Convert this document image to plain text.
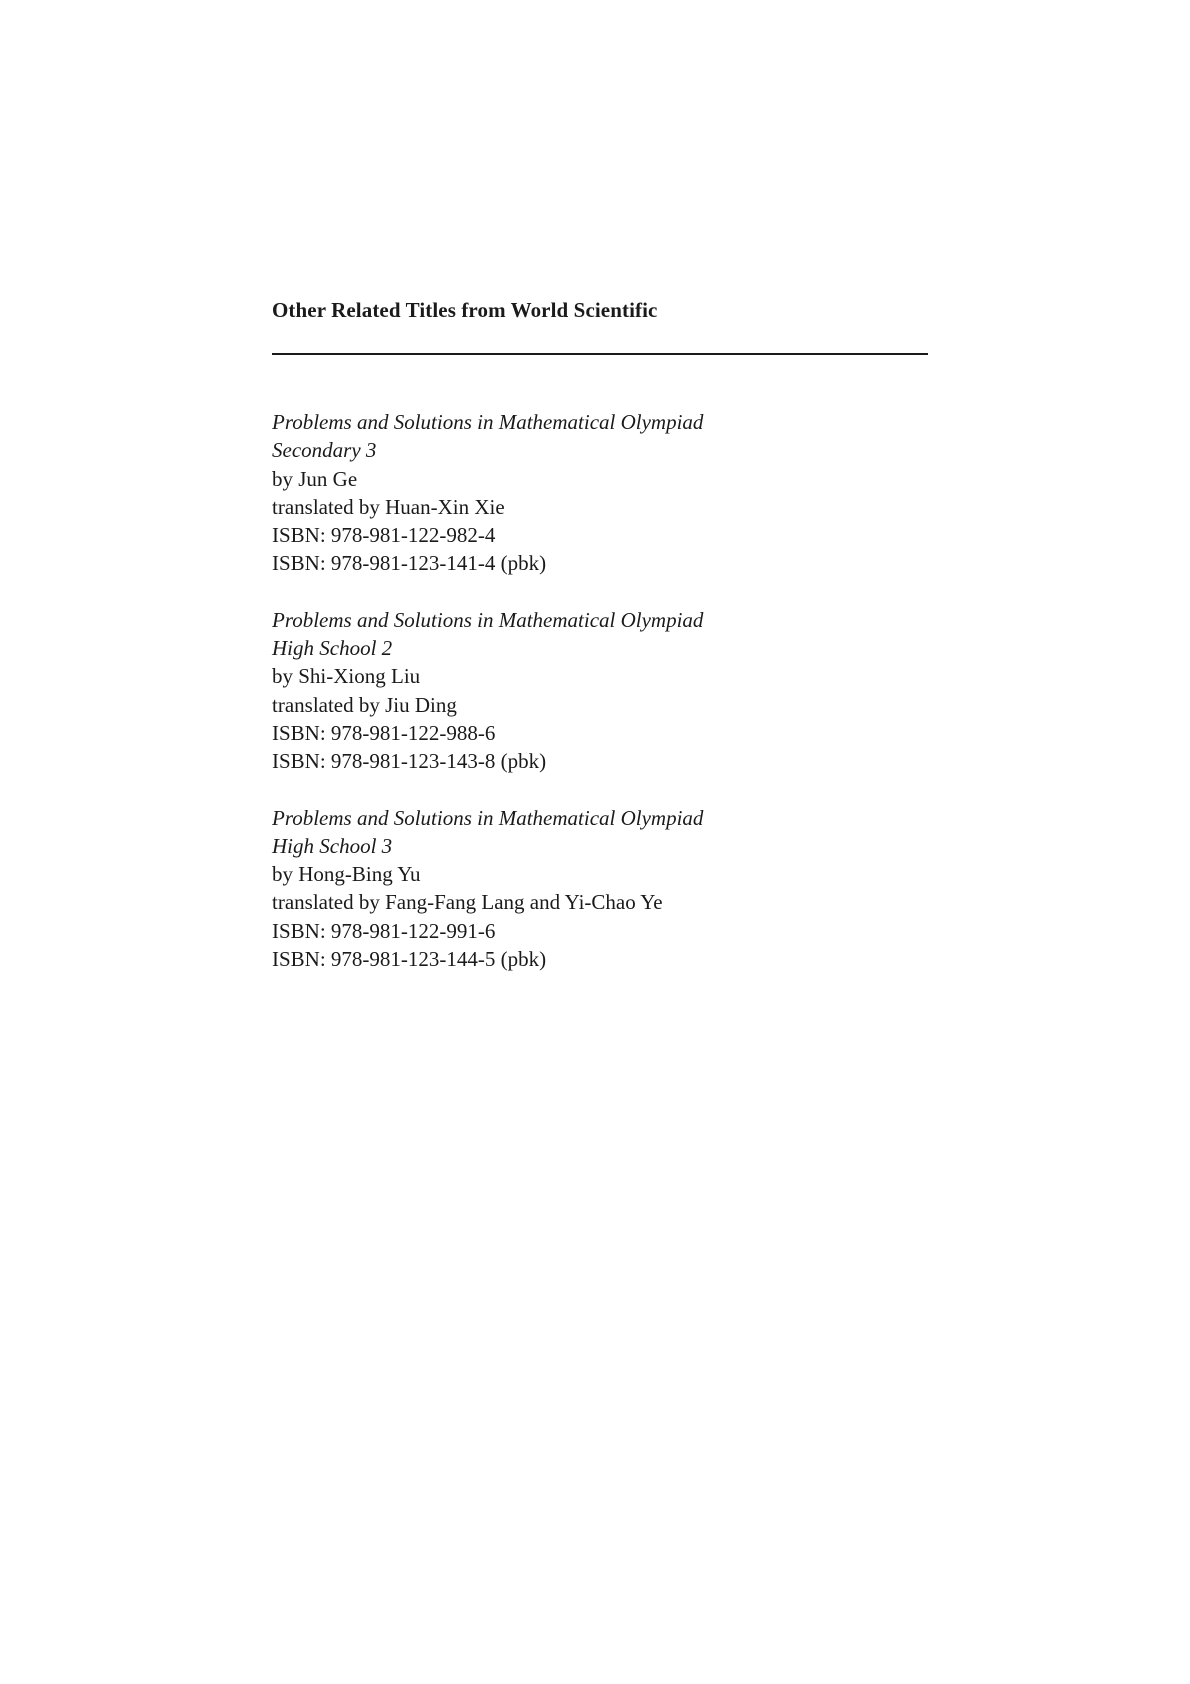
Other Related Titles from World Scientific
Problems and Solutions in Mathematical Olympiad
Secondary 3
by Jun Ge
translated by Huan-Xin Xie
ISBN: 978-981-122-982-4
ISBN: 978-981-123-141-4 (pbk)
Problems and Solutions in Mathematical Olympiad
High School 2
by Shi-Xiong Liu
translated by Jiu Ding
ISBN: 978-981-122-988-6
ISBN: 978-981-123-143-8 (pbk)
Problems and Solutions in Mathematical Olympiad
High School 3
by Hong-Bing Yu
translated by Fang-Fang Lang and Yi-Chao Ye
ISBN: 978-981-122-991-6
ISBN: 978-981-123-144-5 (pbk)
